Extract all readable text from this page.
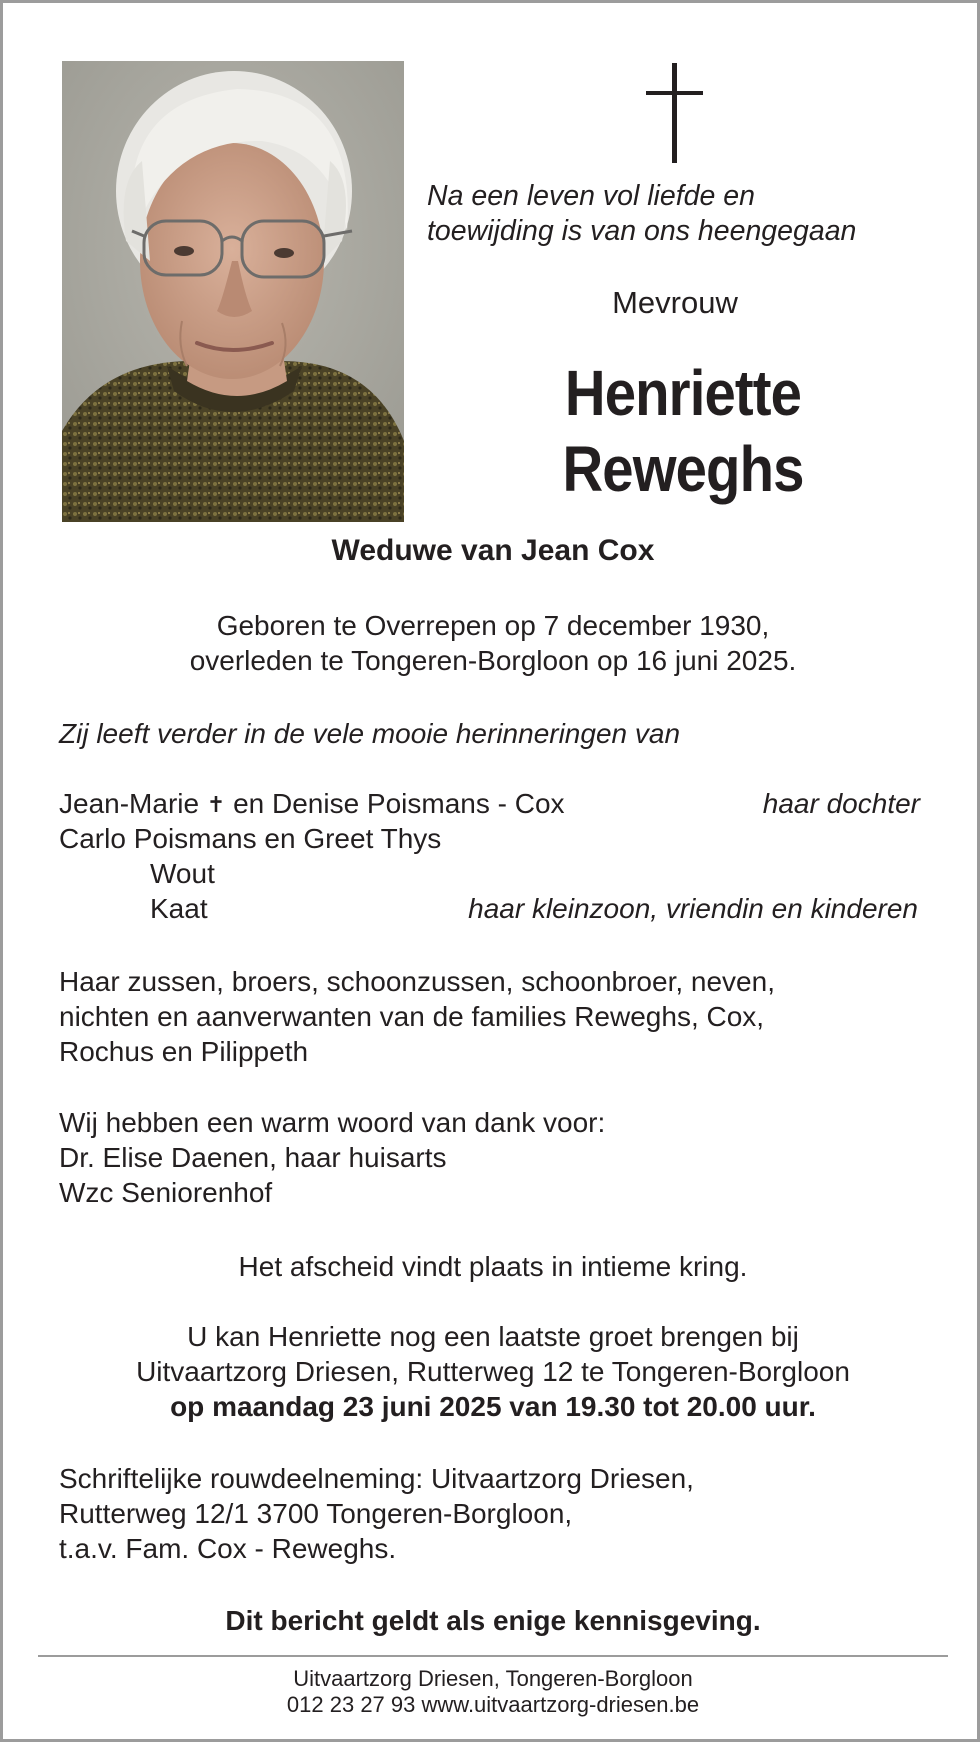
Na een leven vol liefde en
toewijding is van ons heengegaan
Mevrouw
Henriette
Reweghs
Weduwe van Jean Cox
Geboren te Overrepen op 7 december 1930,
overleden te Tongeren-Borgloon op 16 juni 2025.
Zij leeft verder in de vele mooie herinneringen van
Jean-Marie ✝ en Denise Poismans - Cox	haar dochter
Carlo Poismans en Greet Thys
Wout
Kaat	haar kleinzoon, vriendin en kinderen
Haar zussen, broers, schoonzussen, schoonbroer, neven,
nichten en aanverwanten van de families Reweghs, Cox,
Rochus en Pilippeth
Wij hebben een warm woord van dank voor:
Dr. Elise Daenen, haar huisarts
Wzc Seniorenhof
Het afscheid vindt plaats in intieme kring.
U kan Henriette nog een laatste groet brengen bij
Uitvaartzorg Driesen, Rutterweg 12 te Tongeren-Borgloon
op maandag 23 juni 2025 van 19.30 tot 20.00 uur.
Schriftelijke rouwdeelneming: Uitvaartzorg Driesen,
Rutterweg 12/1 3700 Tongeren-Borgloon,
t.a.v. Fam. Cox - Reweghs.
Dit bericht geldt als enige kennisgeving.
Uitvaartzorg Driesen, Tongeren-Borgloon
012 23 27 93 www.uitvaartzorg-driesen.be
